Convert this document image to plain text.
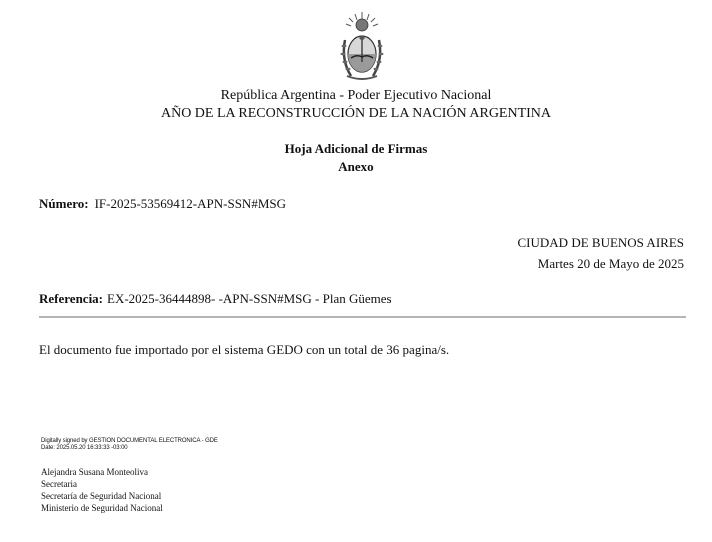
República Argentina - Poder Ejecutivo Nacional
AÑO DE LA RECONSTRUCCIÓN DE LA NACIÓN ARGENTINA
Hoja Adicional de Firmas
Anexo
Número: IF-2025-53569412-APN-SSN#MSG
CIUDAD DE BUENOS AIRES
Martes 20 de Mayo de 2025
Referencia: EX-2025-36444898- -APN-SSN#MSG - Plan Güemes
El documento fue importado por el sistema GEDO con un total de 36 pagina/s.
Digitally signed by GESTION DOCUMENTAL ELECTRONICA - GDE
Date: 2025.05.20 16:33:33 -03:00
Alejandra Susana Monteoliva
Secretaria
Secretaría de Seguridad Nacional
Ministerio de Seguridad Nacional
